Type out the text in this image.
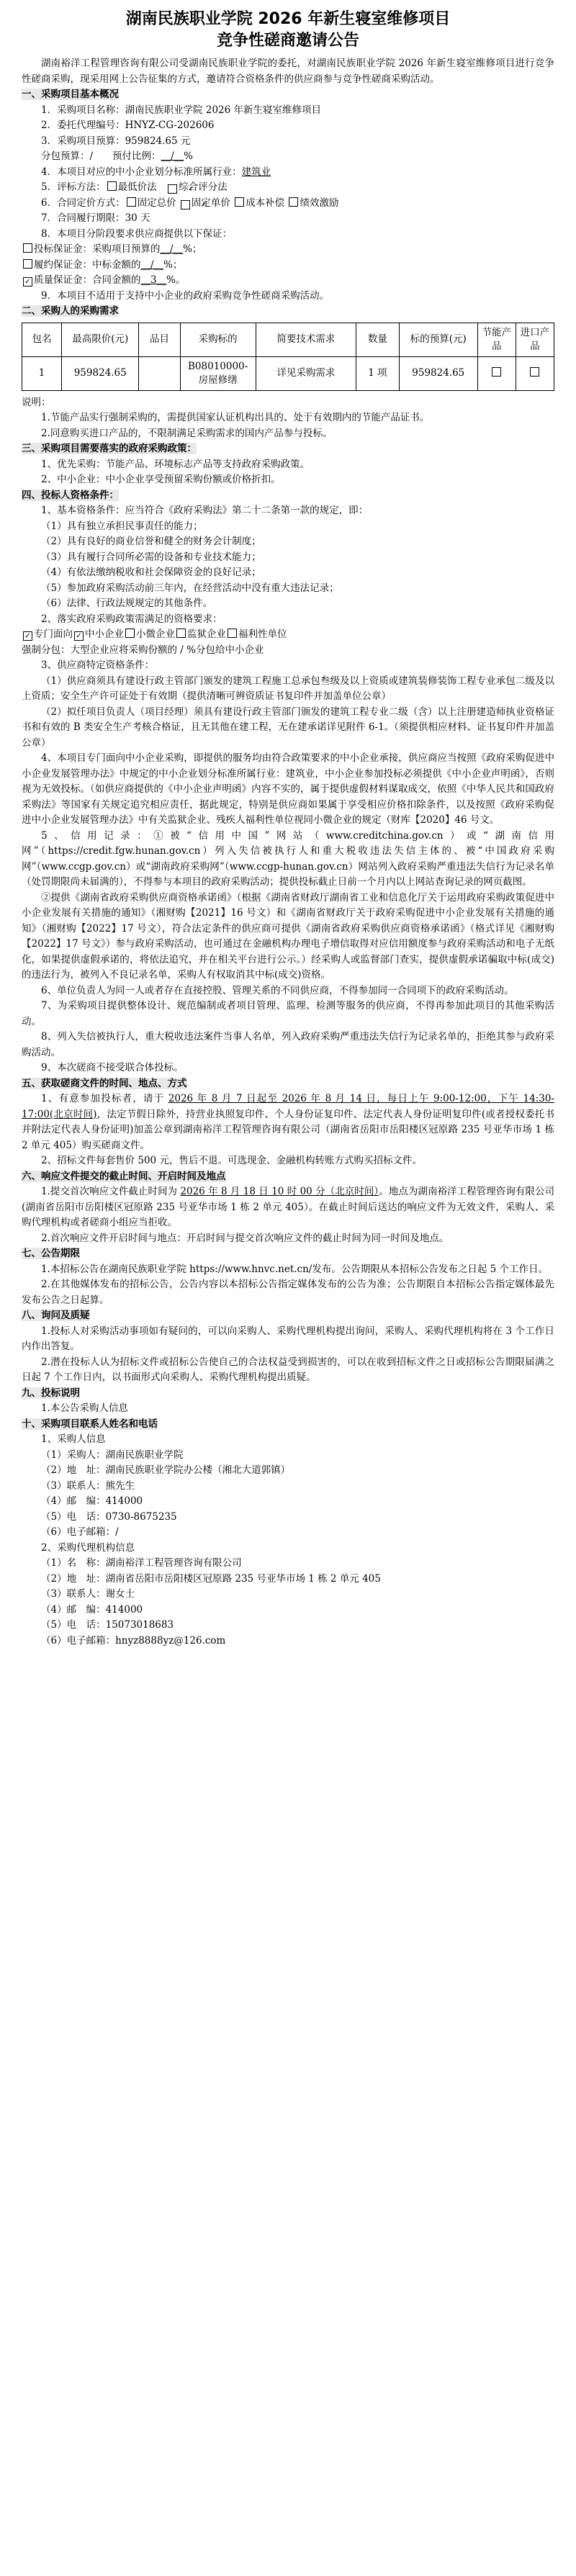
湖南民族职业学院 2026 年新生寝室维修项目
竞争性磋商邀请公告

湖南裕洋工程管理咨询有限公司受湖南民族职业学院的委托，对湖南民族职业学院 2026 年新生寝室维修项目进行竞争性磋商采购，现采用网上公告征集的方式，邀请符合资格条件的供应商参与竞争性磋商采购活动。

一、采购项目基本概况

1．采购项目名称：湖南民族职业学院 2026 年新生寝室维修项目

2．委托代理编号：HNYZ-CG-202606

3．采购项目预算：959824.65 元

分包预算：/　　预付比例：__/__%

4．本项目对应的中小企业划分标准所属行业：建筑业

5．评标方法： 最低价法　 ✓ 综合评分法

6．合同定价方式： 固定总价 ✓ 固定单价 成本补偿 绩效激励

7．合同履行期限：30 天

8．本项目分阶段要求供应商提供以下保证：

投标保证金：采购项目预算的__/__%；

履约保证金：中标金额的__/__%；

✓质量保证金：合同金额的__3__%。

9．本项目不适用于支持中小企业的政府采购竞争性磋商采购活动。

二、采购人的采购需求

包名	最高限价(元)	品目	采购标的	简要技术需求	数量	标的预算(元)	节能产品	进口产品
1	959824.65		B08010000-房屋修缮	详见采购需求	1 项	959824.65		

说明：

1.节能产品实行强制采购的，需提供国家认证机构出具的、处于有效期内的节能产品证书。

2.同意购买进口产品的，不限制满足采购需求的国内产品参与投标。

三、采购项目需要落实的政府采购政策：

1、优先采购：节能产品、环境标志产品等支持政府采购政策。

2、中小企业：中小企业享受预留采购份额或价格折扣。

四、投标人资格条件：

1、基本资格条件：应当符合《政府采购法》第二十二条第一款的规定，即：

（1）具有独立承担民事责任的能力；

（2）具有良好的商业信誉和健全的财务会计制度；

（3）具有履行合同所必需的设备和专业技术能力；

（4）有依法缴纳税收和社会保障资金的良好记录；

（5）参加政府采购活动前三年内，在经营活动中没有重大违法记录；

（6）法律、行政法规规定的其他条件。

2、落实政府采购政策需满足的资格要求：

✓专门面向 ✓ 中小企业 小微企业 监狱企业 福利性单位

强制分包：大型企业应将采购份额的 / %分包给中小企业

3、供应商特定资格条件：

（1）供应商须具有建设行政主管部门颁发的建筑工程施工总承包叁级及以上资质或建筑装修装饰工程专业承包二级及以上资质；安全生产许可证处于有效期（提供清晰可辨资质证书复印件并加盖单位公章）

（2）拟任项目负责人（项目经理）须具有建设行政主管部门颁发的建筑工程专业二级（含）以上注册建造师执业资格证书和有效的 B 类安全生产考核合格证，且无其他在建工程，无在建承诺详见附件 6-1。（须提供相应材料、证书复印件并加盖公章）

4、本项目专门面向中小企业采购，即提供的服务均由符合政策要求的中小企业承接，供应商应当按照《政府采购促进中小企业发展管理办法》中规定的中小企业划分标准所属行业：建筑业，中小企业参加投标必须提供《中小企业声明函》，否则视为无效投标。（如供应商提供的《中小企业声明函》内容不实的，属于提供虚假材料谋取成交，依照《中华人民共和国政府采购法》等国家有关规定追究相应责任，据此规定，特别是供应商如果属于享受相应价格扣除条件，以及按照《政府采购促进中小企业发展管理办法》中有关监狱企业、残疾人福利性单位视同小微企业的规定（财库【2020】46 号文。

5、信用记录：①被“信用中国”网站（www.creditchina.gov.cn）或“湖南信用网”（https://credit.fgw.hunan.gov.cn）列入失信被执行人和重大税收违法失信主体的、被“中国政府采购网”（www.ccgp.gov.cn）或“湖南政府采购网”（www.ccgp-hunan.gov.cn）网站列入政府采购严重违法失信行为记录名单（处罚期限尚未届满的），不得参与本项目的政府采购活动；提供投标截止日前一个月内以上网站查询记录的网页截图。

②提供《湖南省政府采购供应商资格承诺函》（根据《湖南省财政厅湖南省工业和信息化厅关于运用政府采购政策促进中小企业发展有关措施的通知》（湘财购【2021】16 号文）和《湖南省财政厅关于政府采购促进中小企业发展有关措施的通知》（湘财购【2022】17 号文），符合法定条件的供应商可提供《湖南省政府采购供应商资格承诺函》（格式详见《湘财购【2022】17 号文》）参与政府采购活动，也可通过在金融机构办理电子增信取得对应信用额度参与政府采购活动和电子无纸化，如果提供虚假承诺的，将依法追究，并在相关平台进行公示。）经采购人或监督部门查实，提供虚假承诺骗取中标(成交)的违法行为，被列入不良记录名单，采购人有权取消其中标(成交)资格。

6、单位负责人为同一人或者存在直接控股、管理关系的不同供应商，不得参加同一合同项下的政府采购活动。

7、为采购项目提供整体设计、规范编制或者项目管理、监理、检测等服务的供应商，不得再参加此项目的其他采购活动。

8、列入失信被执行人，重大税收违法案件当事人名单，列入政府采购严重违法失信行为记录名单的，拒绝其参与政府采购活动。

9、本次磋商不接受联合体投标。

五、获取磋商文件的时间、地点、方式

1、有意参加投标者，请于 2026 年 8 月 7 日起至 2026 年 8 月 14 日，每日上午 9:00-12:00，下午 14:30-17:00(北京时间)，法定节假日除外，持营业执照复印件、个人身份证复印件、法定代表人身份证明复印件(或者授权委托书并附法定代表人身份证明)加盖公章到湖南裕洋工程管理咨询有限公司（湖南省岳阳市岳阳楼区冠原路 235 号亚华市场 1 栋 2 单元 405）购买磋商文件。

2、招标文件每套售价 500 元，售后不退。可选现金、金融机构转账方式购买招标文件。

六、响应文件提交的截止时间、开启时间及地点

1.提交首次响应文件截止时间为 2026 年 8 月 18 日 10 时 00 分（北京时间）。地点为湖南裕洋工程管理咨询有限公司(湖南省岳阳市岳阳楼区冠原路 235 号亚华市场 1 栋 2 单元 405）。在截止时间后送达的响应文件为无效文件，采购人、采购代理机构或者磋商小组应当拒收。

2.首次响应文件开启时间与地点：开启时间与提交首次响应文件的截止时间为同一时间及地点。

七、公告期限

1.本招标公告在湖南民族职业学院 https://www.hnvc.net.cn/发布。公告期限从本招标公告发布之日起 5 个工作日。

2.在其他媒体发布的招标公告，公告内容以本招标公告指定媒体发布的公告为准；公告期限自本招标公告指定媒体最先发布公告之日起算。

八、询问及质疑

1.投标人对采购活动事项如有疑问的，可以向采购人、采购代理机构提出询问，采购人、采购代理机构将在 3 个工作日内作出答复。

2.潜在投标人认为招标文件或招标公告使自己的合法权益受到损害的，可以在收到招标文件之日或招标公告期限届满之日起 7 个工作日内，以书面形式向采购人、采购代理机构提出质疑。

九、投标说明

1.本公告采购人信息

十、采购项目联系人姓名和电话

1、采购人信息

（1）采购人：湖南民族职业学院

（2）地　址：湖南民族职业学院办公楼（湘北大道郭镇）

（3）联系人：熊先生

（4）邮　编：414000

（5）电　话：0730-8675235

（6）电子邮箱：/

2、采购代理机构信息

（1）名　称：湖南裕洋工程管理咨询有限公司

（2）地　址：湖南省岳阳市岳阳楼区冠原路 235 号亚华市场 1 栋 2 单元 405

（3）联系人：谢女士

（4）邮　编：414000

（5）电　话：15073018683

（6）电子邮箱：hnyz8888yz@126.com
